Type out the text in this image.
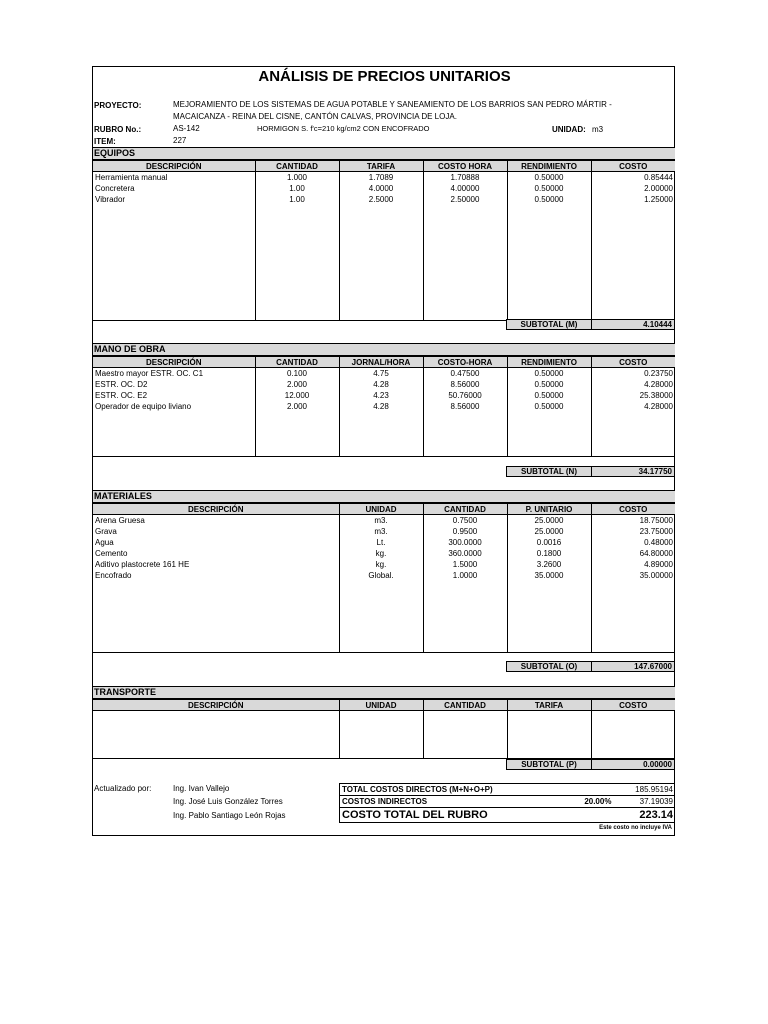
ANÁLISIS DE PRECIOS UNITARIOS
PROYECTO:	MEJORAMIENTO DE LOS SISTEMAS DE AGUA POTABLE Y SANEAMIENTO DE LOS BARRIOS SAN PEDRO MÁRTIR -
MACAICANZA - REINA DEL CISNE, CANTÓN CALVAS, PROVINCIA DE LOJA.
RUBRO No.:	AS-142	HORMIGON S. f'c=210 kg/cm2 CON ENCOFRADO	UNIDAD: m3
ITEM:	227
EQUIPOS
DESCRIPCIÓN	CANTIDAD	TARIFA	COSTO HORA	RENDIMIENTO	COSTO
Herramienta manual	1.000	1.7089	1.70888	0.50000	0.85444
Concretera	1.00	4.0000	4.00000	0.50000	2.00000
Vibrador	1.00	2.5000	2.50000	0.50000	1.25000

SUBTOTAL (M)	4.10444
MANO DE OBRA
DESCRIPCIÓN	CANTIDAD	JORNAL/HORA	COSTO-HORA	RENDIMIENTO	COSTO
Maestro mayor ESTR. OC. C1	0.100	4.75	0.47500	0.50000	0.23750
ESTR. OC. D2	2.000	4.28	8.56000	0.50000	4.28000
ESTR. OC. E2	12.000	4.23	50.76000	0.50000	25.38000
Operador de equipo liviano	2.000	4.28	8.56000	0.50000	4.28000

SUBTOTAL (N)	34.17750
MATERIALES
DESCRIPCIÓN	UNIDAD	CANTIDAD	P. UNITARIO	COSTO
Arena Gruesa	m3.	0.7500	25.0000	18.75000
Grava	m3.	0.9500	25.0000	23.75000
Agua	Lt.	300.0000	0.0016	0.48000
Cemento	kg.	360.0000	0.1800	64.80000
Aditivo plastocrete 161 HE	kg.	1.5000	3.2600	4.89000
Encofrado	Global.	1.0000	35.0000	35.00000

SUBTOTAL (O)	147.67000
TRANSPORTE
DESCRIPCIÓN	UNIDAD	CANTIDAD	TARIFA	COSTO

SUBTOTAL (P)	0.00000
Actualizado por:	Ing. Ivan Vallejo
Ing. José Luis González Torres
Ing. Pablo Santiago León Rojas
TOTAL COSTOS DIRECTOS (M+N+O+P)		185.95194
COSTOS INDIRECTOS	20.00%	37.19039
COSTO TOTAL DEL RUBRO		223.14
Este costo no incluye IVA
